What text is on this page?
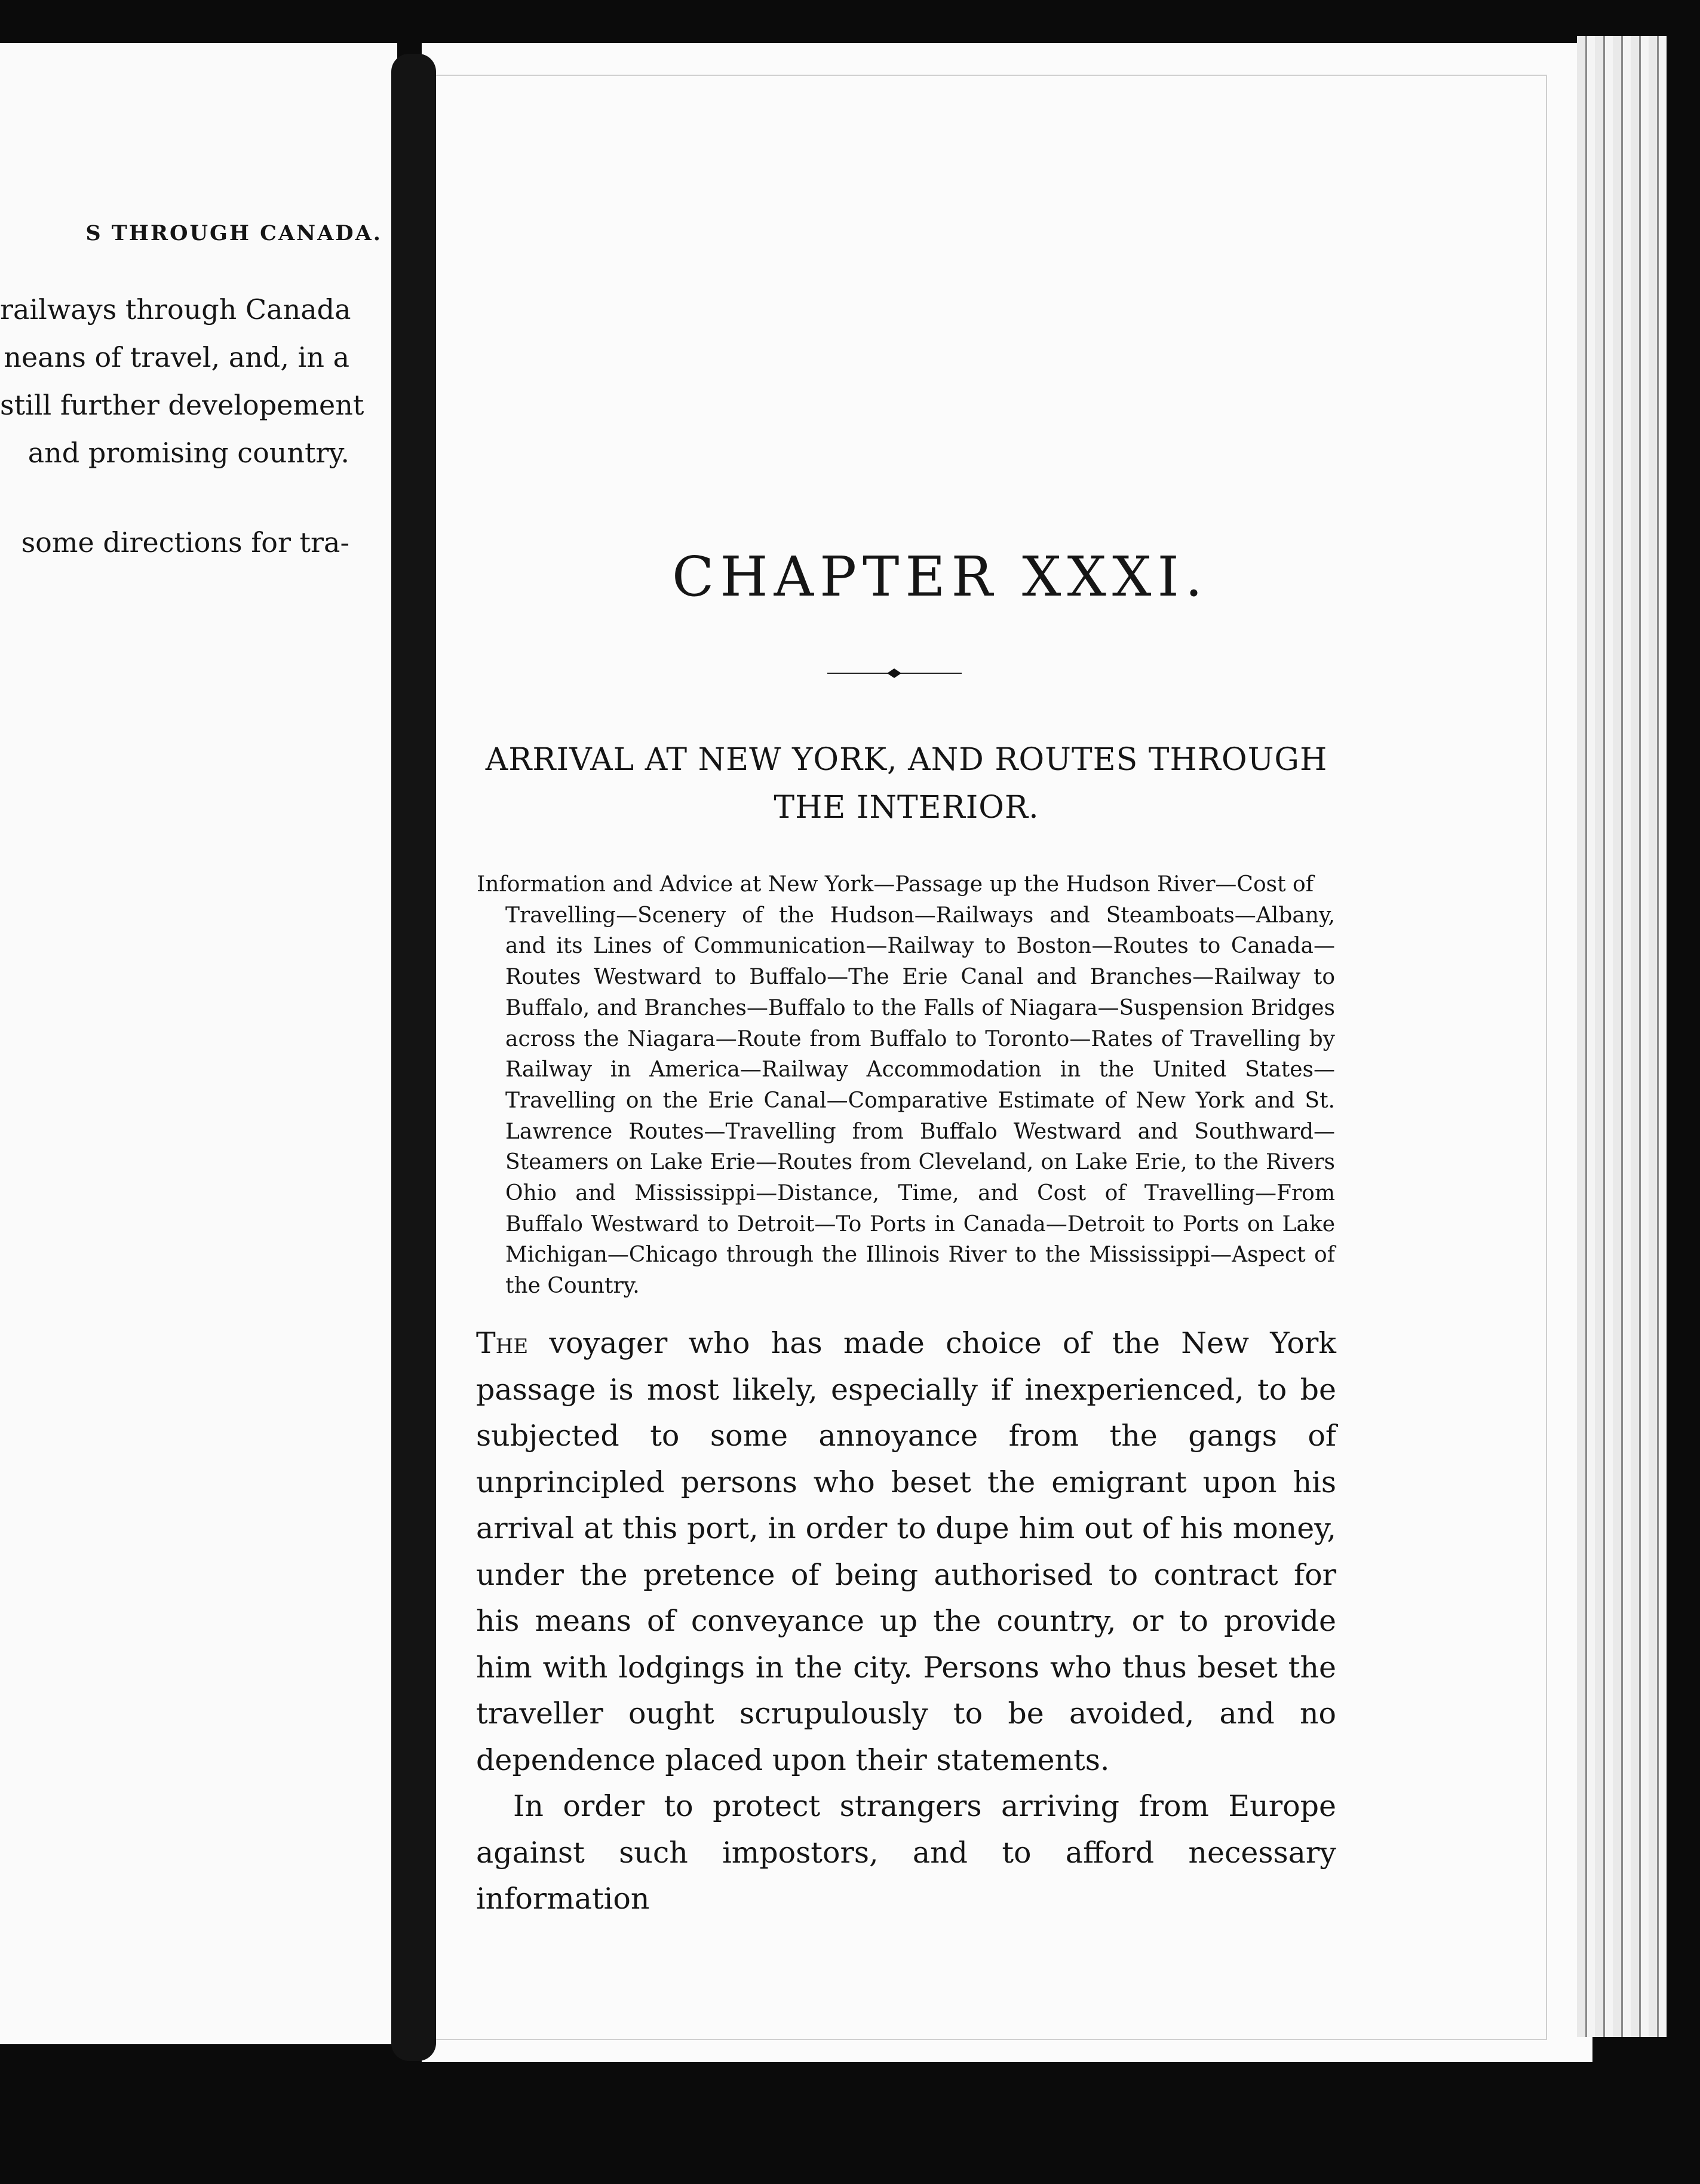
S THROUGH CANADA.
railways through Canada
neans of travel, and, in a
still further developement
and promising country.
some directions for tra-
CHAPTER XXXI.
ARRIVAL AT NEW YORK, AND ROUTES THROUGH
THE INTERIOR.

Information and Advice at New York—Passage up the Hudson River—Cost of

Travelling—Scenery of the Hudson—Railways and Steamboats—Albany, and its Lines of Communication—Railway to Boston—Routes to Canada—Routes Westward to Buffalo—The Erie Canal and Branches—Railway to Buffalo, and Branches—Buffalo to the Falls of Niagara—Suspension Bridges across the Niagara—Route from Buffalo to Toronto—Rates of Travelling by Railway in America—Railway Accommodation in the United States—Travelling on the Erie Canal—Comparative Estimate of New York and St. Lawrence Routes—Travelling from Buffalo Westward and Southward—Steamers on Lake Erie—Routes from Cleveland, on Lake Erie, to the Rivers Ohio and Mississippi—Distance, Time, and Cost of Travelling—From Buffalo Westward to Detroit—To Ports in Canada—Detroit to Ports on Lake Michigan—Chicago through the Illinois River to the Mississippi—Aspect of the Country.

The voyager who has made choice of the New York passage is most likely, especially if inexperienced, to be subjected to some annoyance from the gangs of unprincipled persons who beset the emigrant upon his arrival at this port, in order to dupe him out of his money, under the pretence of being authorised to contract for his means of conveyance up the country, or to provide him with lodgings in the city. Persons who thus beset the traveller ought scrupulously to be avoided, and no dependence placed upon their statements.

In order to protect strangers arriving from Europe against such impostors, and to afford necessary information
